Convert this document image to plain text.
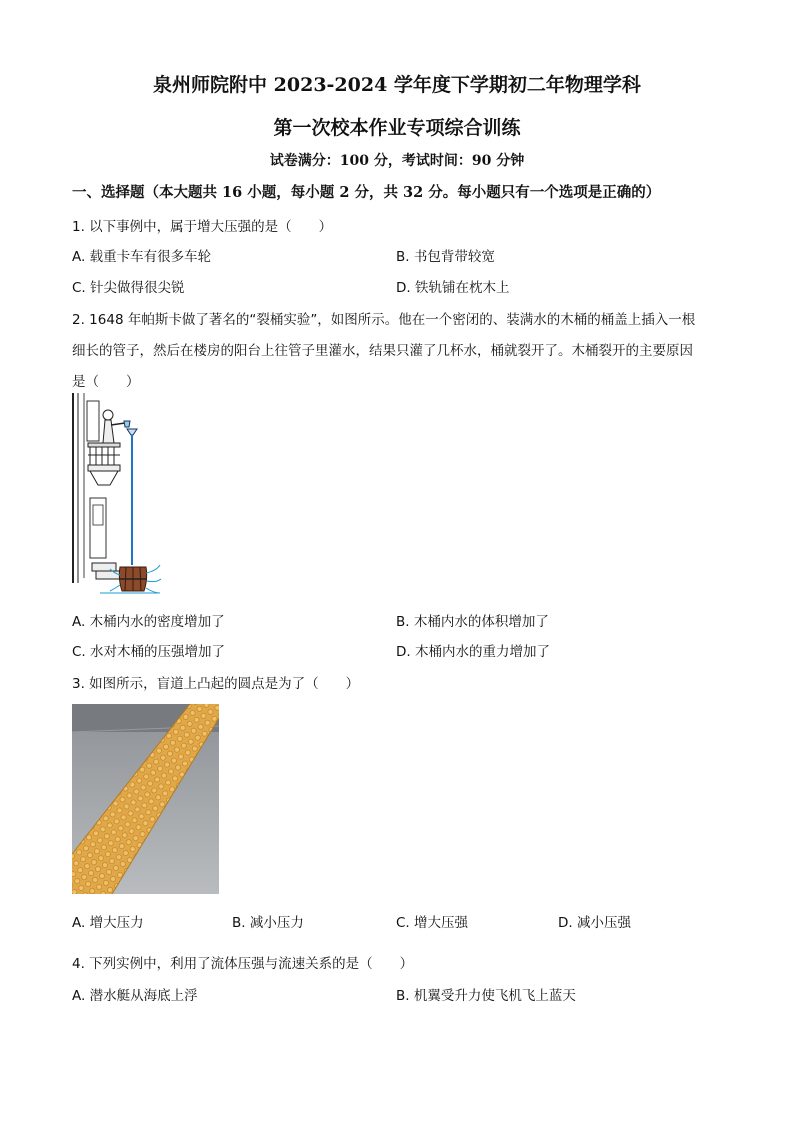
泉州师院附中 2023-2024 学年度下学期初二年物理学科
第一次校本作业专项综合训练
试卷满分：100 分，考试时间：90 分钟
一、选择题（本大题共 16 小题，每小题 2 分，共 32 分。每小题只有一个选项是正确的）
1. 以下事例中，属于增大压强的是（　　）
A. 载重卡车有很多车轮	B. 书包背带较宽
C. 针尖做得很尖锐	D. 铁轨铺在枕木上
2. 1648 年帕斯卡做了著名的“裂桶实验”，如图所示。他在一个密闭的、装满水的木桶的桶盖上插入一根
细长的管子，然后在楼房的阳台上往管子里灌水，结果只灌了几杯水，桶就裂开了。木桶裂开的主要原因
是（　　）
A. 木桶内水的密度增加了	B. 木桶内水的体积增加了
C. 水对木桶的压强增加了	D. 木桶内水的重力增加了
3. 如图所示，盲道上凸起的圆点是为了（　　）
A. 增大压力	B. 减小压力	C. 增大压强	D. 减小压强
4. 下列实例中，利用了流体压强与流速关系的是（　　）
A. 潜水艇从海底上浮	B. 机翼受升力使飞机飞上蓝天
